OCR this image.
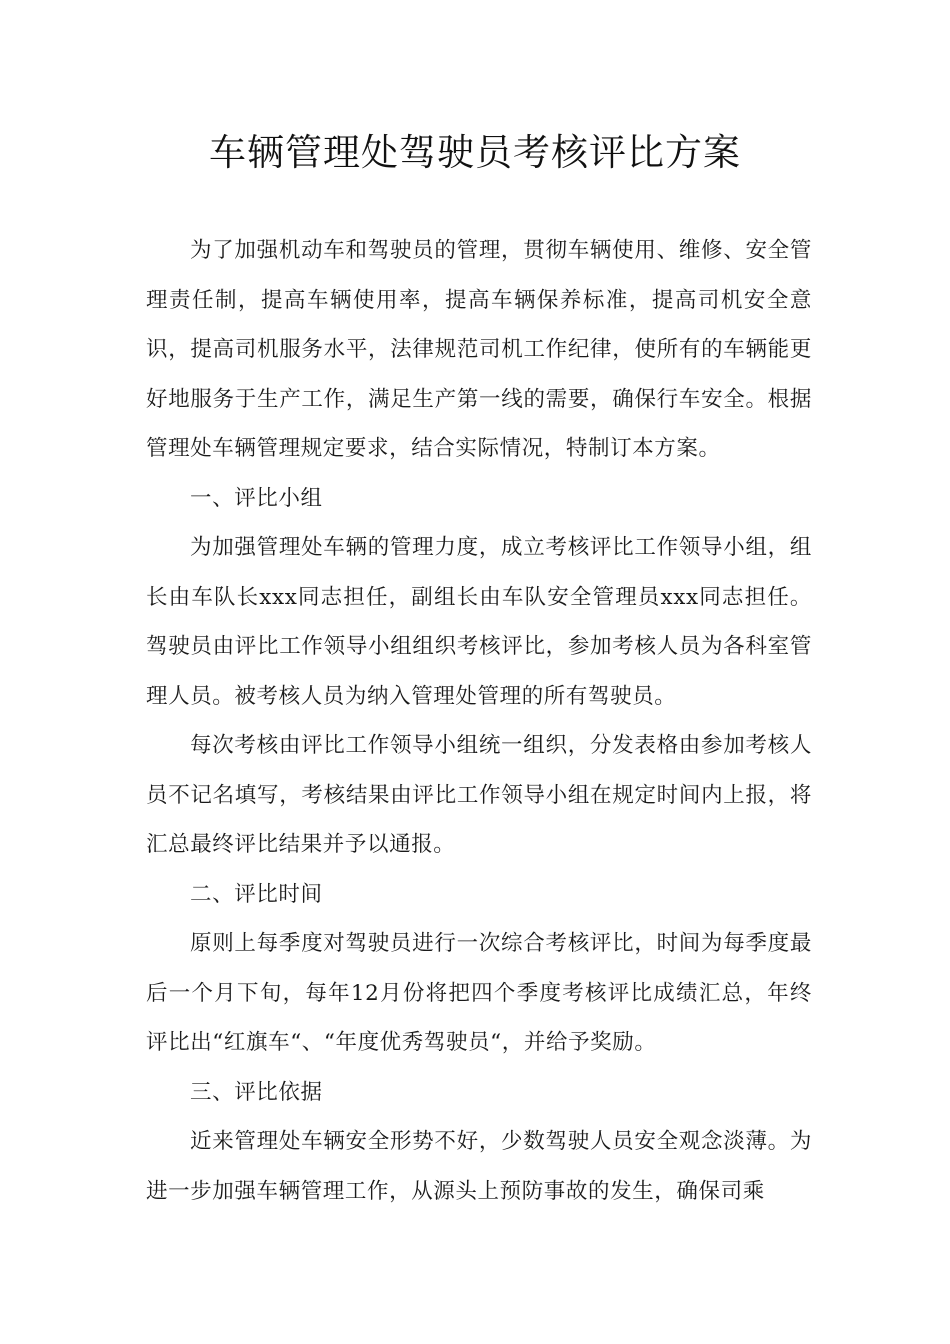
车辆管理处驾驶员考核评比方案

为了加强机动车和驾驶员的管理，贯彻车辆使用、维修、安全管理责任制，提高车辆使用率，提高车辆保养标准，提高司机安全意识，提高司机服务水平，法律规范司机工作纪律，使所有的车辆能更好地服务于生产工作，满足生产第一线的需要，确保行车安全。根据管理处车辆管理规定要求，结合实际情况，特制订本方案。

一、评比小组

为加强管理处车辆的管理力度，成立考核评比工作领导小组，组长由车队长xxx同志担任，副组长由车队安全管理员xxx同志担任。驾驶员由评比工作领导小组组织考核评比，参加考核人员为各科室管理人员。被考核人员为纳入管理处管理的所有驾驶员。

每次考核由评比工作领导小组统一组织，分发表格由参加考核人员不记名填写，考核结果由评比工作领导小组在规定时间内上报，将汇总最终评比结果并予以通报。

二、评比时间

原则上每季度对驾驶员进行一次综合考核评比，时间为每季度最后一个月下旬，每年12月份将把四个季度考核评比成绩汇总，年终评比出“红旗车“、“年度优秀驾驶员“，并给予奖励。

三、评比依据

近来管理处车辆安全形势不好，少数驾驶人员安全观念淡薄。为进一步加强车辆管理工作，从源头上预防事故的发生，确保司乘
